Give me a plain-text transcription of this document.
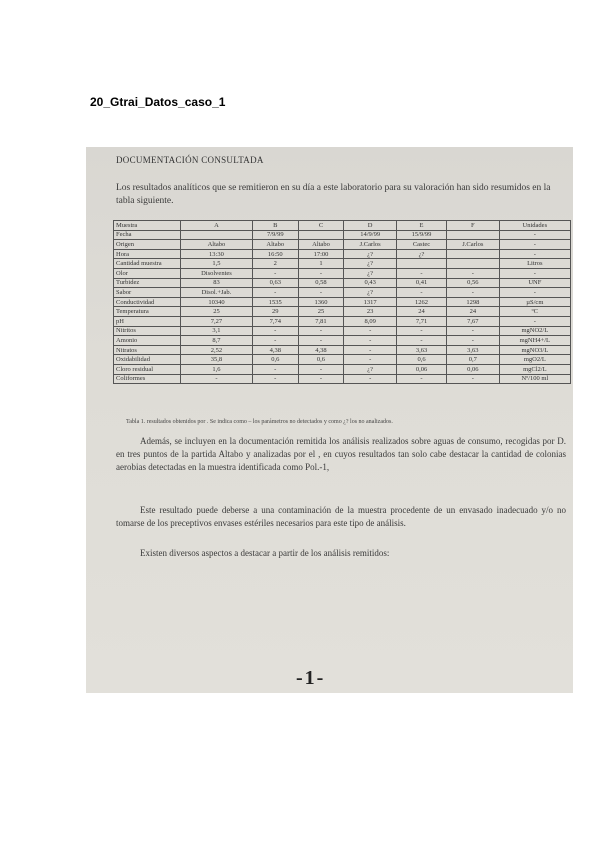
20_Gtrai_Datos_caso_1
DOCUMENTACIÓN CONSULTADA
Los resultados analíticos que se remitieron en su día a este laboratorio para su valoración han sido resumidos en la tabla siguiente.
Muestra	A	B	C	D	E	F	Unidades
Fecha		7/9/99		14/9/99	15/9/99		-
Origen	Altabo	Altabo	Altabo	J.Carlos	Castec	J.Carlos	-
Hora	13:30	16:50	17:00	¿?	¿?		-
Cantidad muestra	1,5	2	1	¿?			Litros
Olor	Disolventes	-	-	¿?	-	-	-
Turbidez	83	0,63	0,58	0,43	0,41	0,56	UNF
Sabor	Disol.+Jab.	-	-	¿?	-	-	-
Conductividad	10340	1535	1360	1317	1262	1298	µS/cm
Temperatura	25	29	25	23	24	24	ºC
pH	7,27	7,74	7,81	8,09	7,71	7,67	-
Nitritos	3,1	-	-	-	-	-	mgNO2/L
Amonio	8,7	-	-	-	-	-	mgNH4+/L
Nitratos	2,52	4,38	4,38	-	3,63	3,63	mgNO3/L
Oxidabilidad	35,8	0,6	0,6	-	0,6	0,7	mgO2/L
Cloro residual	1,6	-	-	¿?	0,06	0,06	mgCl2/L
Coliformes	-	-	-	-	-	-	Nº/100 ml
Tabla 1. resultados obtenidos por . Se indica como – los parámetros no detectados y como ¿? los no analizados.
Además, se incluyen en la documentación remitida los análisis realizados sobre aguas de consumo, recogidas por D. en tres puntos de la partida Altabo y analizadas por el , en cuyos resultados tan solo cabe destacar la cantidad de colonias aerobias detectadas en la muestra identificada como Pol.-1,
Este resultado puede deberse a una contaminación de la muestra procedente de un envasado inadecuado y/o no tomarse de los preceptivos envases estériles necesarios para este tipo de análisis.
Existen diversos aspectos a destacar a partir de los análisis remitidos:
-1-
